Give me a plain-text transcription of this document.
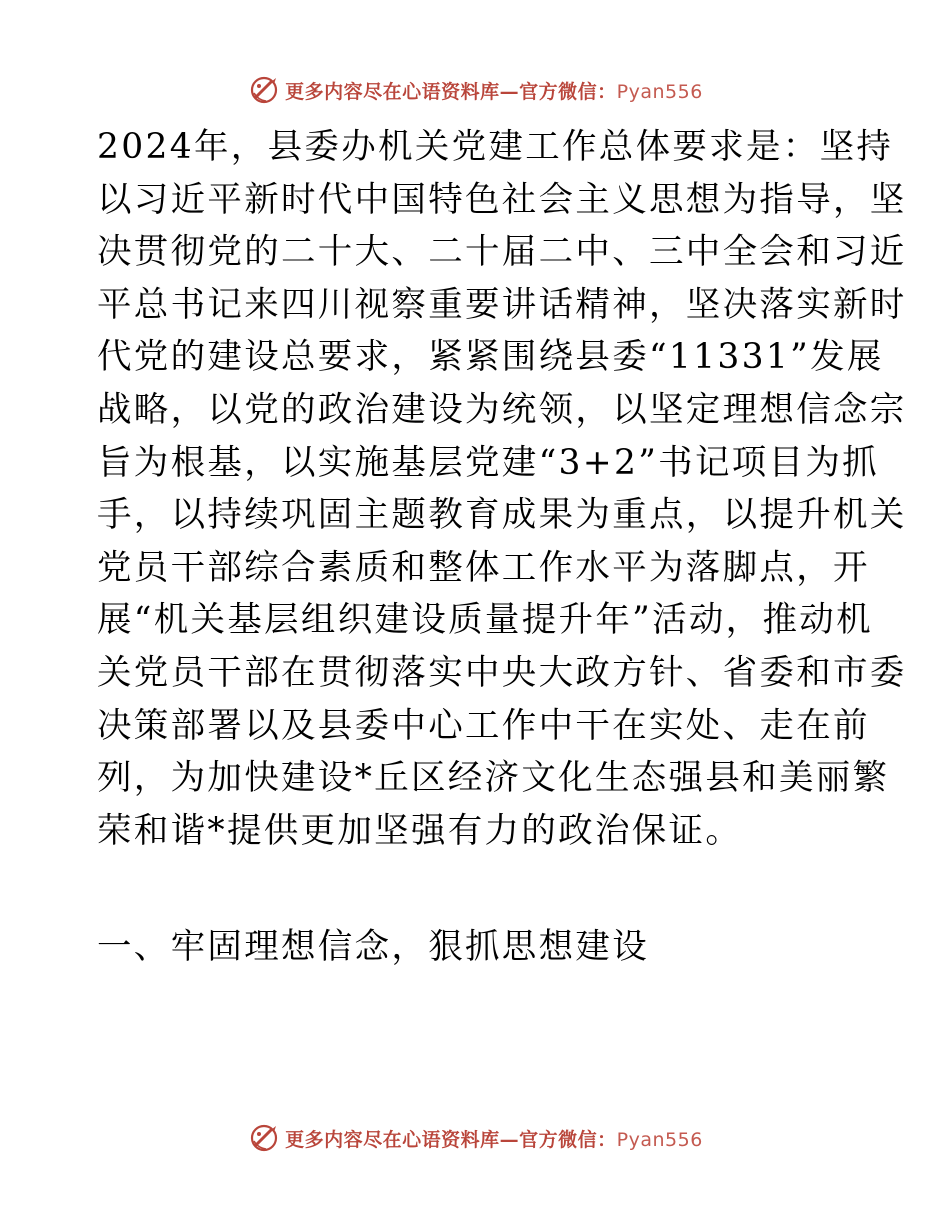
更多内容尽在心语资料库—官方微信：Pyan556
2024年，县委办机关党建工作总体要求是：坚持
以习近平新时代中国特色社会主义思想为指导，坚
决贯彻党的二十大、二十届二中、三中全会和习近
平总书记来四川视察重要讲话精神，坚决落实新时
代党的建设总要求，紧紧围绕县委“11331”发展
战略，以党的政治建设为统领，以坚定理想信念宗
旨为根基，以实施基层党建“3+2”书记项目为抓
手，以持续巩固主题教育成果为重点，以提升机关
党员干部综合素质和整体工作水平为落脚点，开
展“机关基层组织建设质量提升年”活动，推动机
关党员干部在贯彻落实中央大政方针、省委和市委
决策部署以及县委中心工作中干在实处、走在前
列，为加快建设*丘区经济文化生态强县和美丽繁
荣和谐*提供更加坚强有力的政治保证。
一、牢固理想信念，狠抓思想建设
更多内容尽在心语资料库—官方微信：Pyan556
